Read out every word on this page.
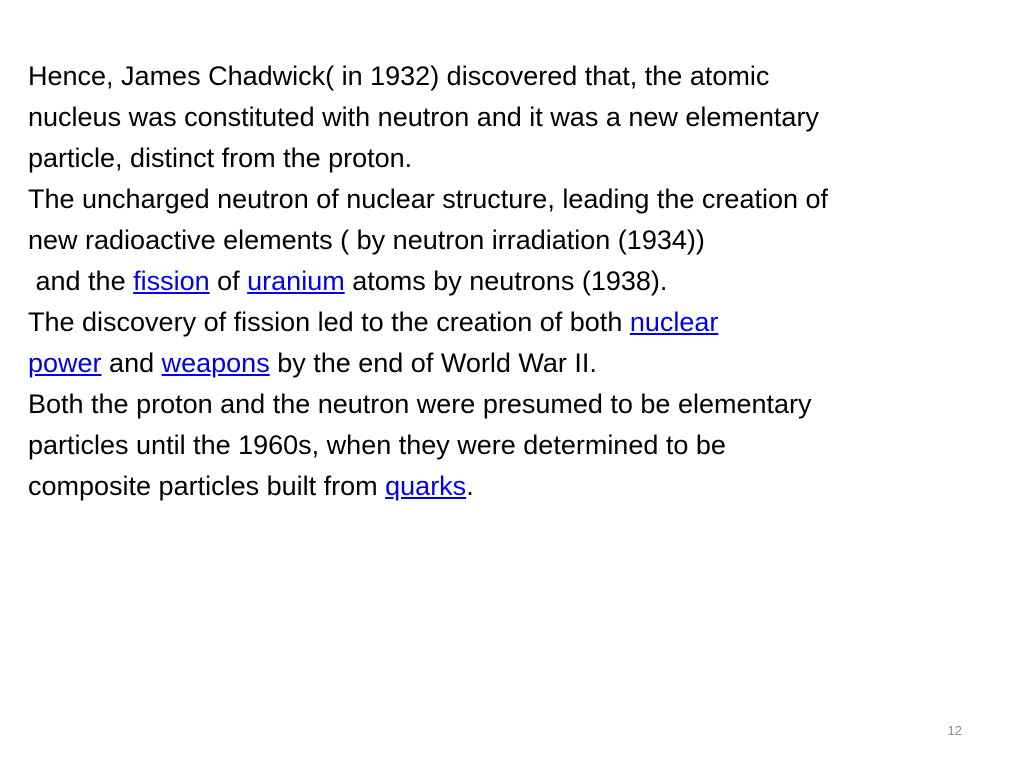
Hence, James Chadwick( in 1932) discovered that, the atomic
nucleus was constituted with neutron and it was a new elementary
particle, distinct from the proton.
The uncharged neutron of nuclear structure, leading the creation of
new radioactive elements ( by neutron irradiation (1934))
and the fission of uranium atoms by neutrons (1938).
The discovery of fission led to the creation of both nuclear
power and weapons by the end of World War II.
Both the proton and the neutron were presumed to be elementary
particles until the 1960s, when they were determined to be
composite particles built from quarks.
12
